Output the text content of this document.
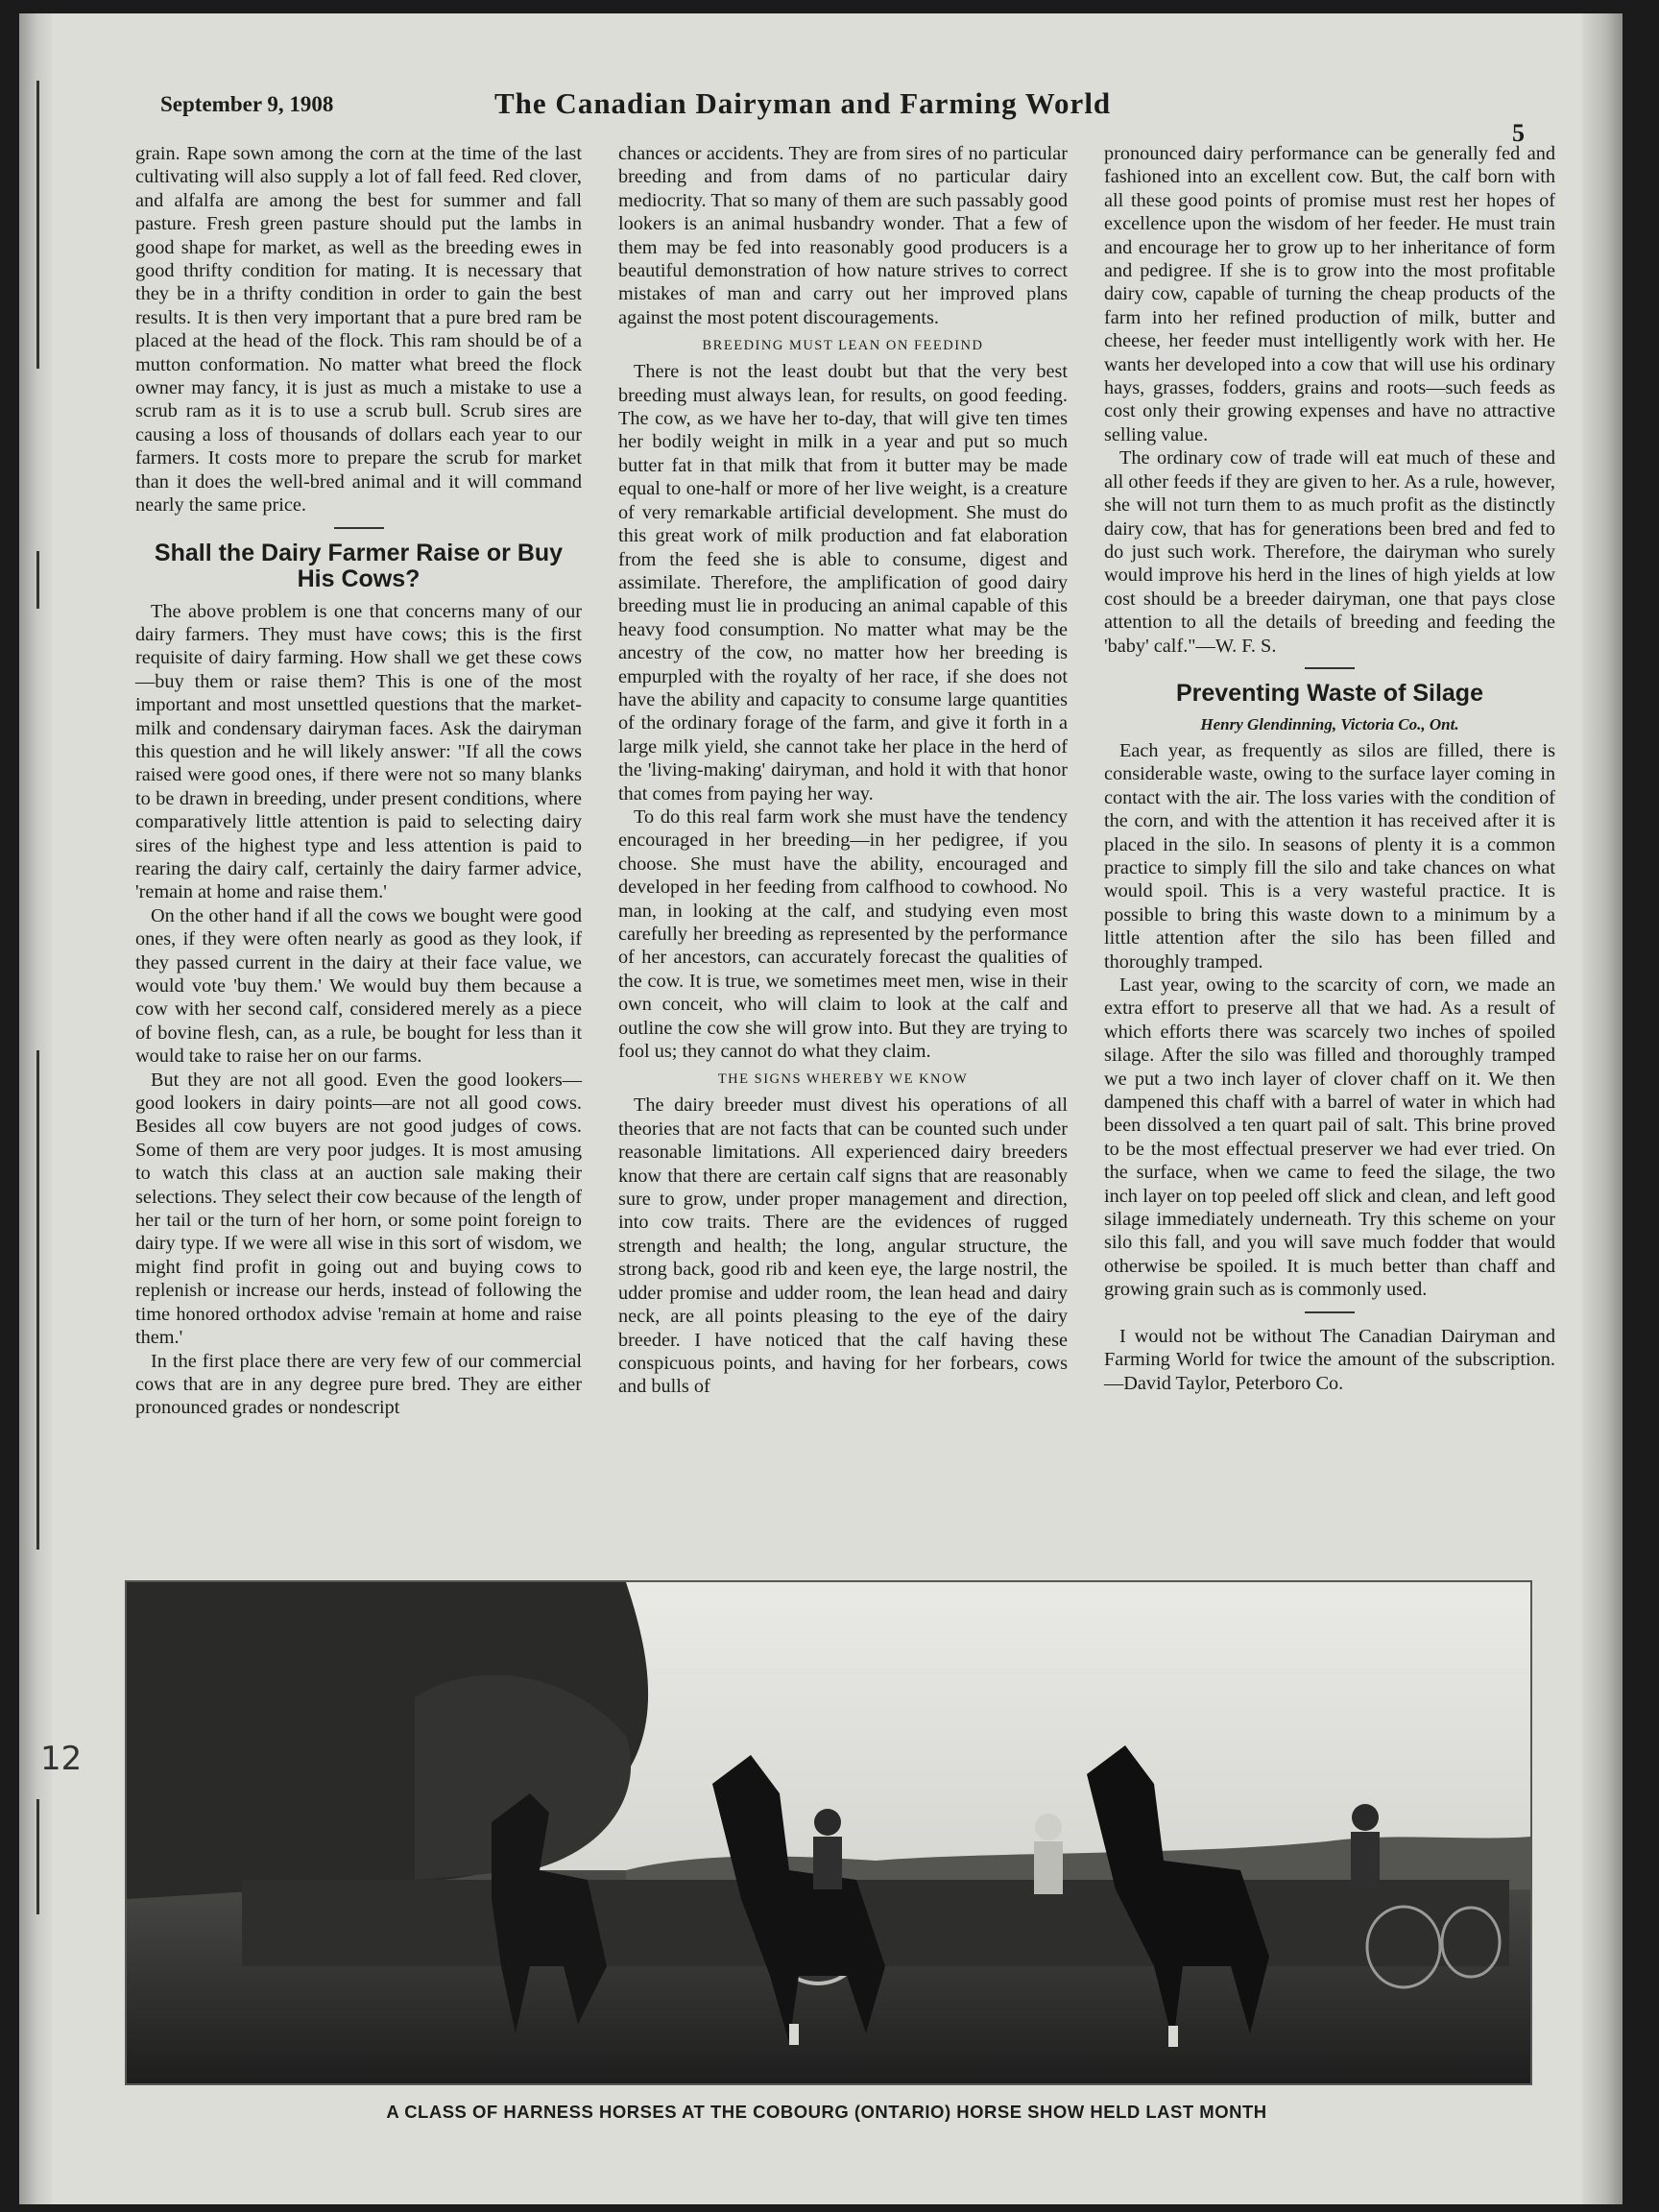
12
September 9, 1908	The Canadian Dairyman and Farming World
5

grain. Rape sown among the corn at the time of the last cultivating will also supply a lot of fall feed. Red clover, and alfalfa are among the best for summer and fall pasture. Fresh green pasture should put the lambs in good shape for market, as well as the breeding ewes in good thrifty condition for mating. It is necessary that they be in a thrifty condition in order to gain the best results. It is then very important that a pure bred ram be placed at the head of the flock. This ram should be of a mutton conformation. No matter what breed the flock owner may fancy, it is just as much a mistake to use a scrub ram as it is to use a scrub bull. Scrub sires are causing a loss of thousands of dollars each year to our farmers. It costs more to prepare the scrub for market than it does the well-bred animal and it will command nearly the same price.

Shall the Dairy Farmer Raise or Buy His Cows?

The above problem is one that concerns many of our dairy farmers. They must have cows; this is the first requisite of dairy farming. How shall we get these cows—buy them or raise them? This is one of the most important and most unsettled questions that the market-milk and condensary dairyman faces. Ask the dairyman this question and he will likely answer: "If all the cows raised were good ones, if there were not so many blanks to be drawn in breeding, under present conditions, where comparatively little attention is paid to selecting dairy sires of the highest type and less attention is paid to rearing the dairy calf, certainly the dairy farmer advice, 'remain at home and raise them.'

On the other hand if all the cows we bought were good ones, if they were often nearly as good as they look, if they passed current in the dairy at their face value, we would vote 'buy them.' We would buy them because a cow with her second calf, considered merely as a piece of bovine flesh, can, as a rule, be bought for less than it would take to raise her on our farms.

But they are not all good. Even the good lookers—good lookers in dairy points—are not all good cows. Besides all cow buyers are not good judges of cows. Some of them are very poor judges. It is most amusing to watch this class at an auction sale making their selections. They select their cow because of the length of her tail or the turn of her horn, or some point foreign to dairy type. If we were all wise in this sort of wisdom, we might find profit in going out and buying cows to replenish or increase our herds, instead of following the time honored orthodox advise 'remain at home and raise them.'

In the first place there are very few of our commercial cows that are in any degree pure bred. They are either pronounced grades or nondescript

chances or accidents. They are from sires of no particular breeding and from dams of no particular dairy mediocrity. That so many of them are such passably good lookers is an animal husbandry wonder. That a few of them may be fed into reasonably good producers is a beautiful demonstration of how nature strives to correct mistakes of man and carry out her improved plans against the most potent discouragements.

BREEDING MUST LEAN ON FEEDIND

There is not the least doubt but that the very best breeding must always lean, for results, on good feeding. The cow, as we have her to-day, that will give ten times her bodily weight in milk in a year and put so much butter fat in that milk that from it butter may be made equal to one-half or more of her live weight, is a creature of very remarkable artificial development. She must do this great work of milk production and fat elaboration from the feed she is able to consume, digest and assimilate. Therefore, the amplification of good dairy breeding must lie in producing an animal capable of this heavy food consumption. No matter what may be the ancestry of the cow, no matter how her breeding is empurpled with the royalty of her race, if she does not have the ability and capacity to consume large quantities of the ordinary forage of the farm, and give it forth in a large milk yield, she cannot take her place in the herd of the 'living-making' dairyman, and hold it with that honor that comes from paying her way.

To do this real farm work she must have the tendency encouraged in her breeding—in her pedigree, if you choose. She must have the ability, encouraged and developed in her feeding from calfhood to cowhood. No man, in looking at the calf, and studying even most carefully her breeding as represented by the performance of her ancestors, can accurately forecast the qualities of the cow. It is true, we sometimes meet men, wise in their own conceit, who will claim to look at the calf and outline the cow she will grow into. But they are trying to fool us; they cannot do what they claim.

THE SIGNS WHEREBY WE KNOW

The dairy breeder must divest his operations of all theories that are not facts that can be counted such under reasonable limitations. All experienced dairy breeders know that there are certain calf signs that are reasonably sure to grow, under proper management and direction, into cow traits. There are the evidences of rugged strength and health; the long, angular structure, the strong back, good rib and keen eye, the large nostril, the udder promise and udder room, the lean head and dairy neck, are all points pleasing to the eye of the dairy breeder. I have noticed that the calf having these conspicuous points, and having for her forbears, cows and bulls of

pronounced dairy performance can be generally fed and fashioned into an excellent cow. But, the calf born with all these good points of promise must rest her hopes of excellence upon the wisdom of her feeder. He must train and encourage her to grow up to her inheritance of form and pedigree. If she is to grow into the most profitable dairy cow, capable of turning the cheap products of the farm into her refined production of milk, butter and cheese, her feeder must intelligently work with her. He wants her developed into a cow that will use his ordinary hays, grasses, fodders, grains and roots—such feeds as cost only their growing expenses and have no attractive selling value.

The ordinary cow of trade will eat much of these and all other feeds if they are given to her. As a rule, however, she will not turn them to as much profit as the distinctly dairy cow, that has for generations been bred and fed to do just such work. Therefore, the dairyman who surely would improve his herd in the lines of high yields at low cost should be a breeder dairyman, one that pays close attention to all the details of breeding and feeding the 'baby' calf."—W. F. S.

Preventing Waste of Silage
Henry Glendinning, Victoria Co., Ont.

Each year, as frequently as silos are filled, there is considerable waste, owing to the surface layer coming in contact with the air. The loss varies with the condition of the corn, and with the attention it has received after it is placed in the silo. In seasons of plenty it is a common practice to simply fill the silo and take chances on what would spoil. This is a very wasteful practice. It is possible to bring this waste down to a minimum by a little attention after the silo has been filled and thoroughly tramped.

Last year, owing to the scarcity of corn, we made an extra effort to preserve all that we had. As a result of which efforts there was scarcely two inches of spoiled silage. After the silo was filled and thoroughly tramped we put a two inch layer of clover chaff on it. We then dampened this chaff with a barrel of water in which had been dissolved a ten quart pail of salt. This brine proved to be the most effectual preserver we had ever tried. On the surface, when we came to feed the silage, the two inch layer on top peeled off slick and clean, and left good silage immediately underneath. Try this scheme on your silo this fall, and you will save much fodder that would otherwise be spoiled. It is much better than chaff and growing grain such as is commonly used.

I would not be without The Canadian Dairyman and Farming World for twice the amount of the subscription.—David Taylor, Peterboro Co.

A CLASS OF HARNESS HORSES AT THE COBOURG (ONTARIO) HORSE SHOW HELD LAST MONTH
